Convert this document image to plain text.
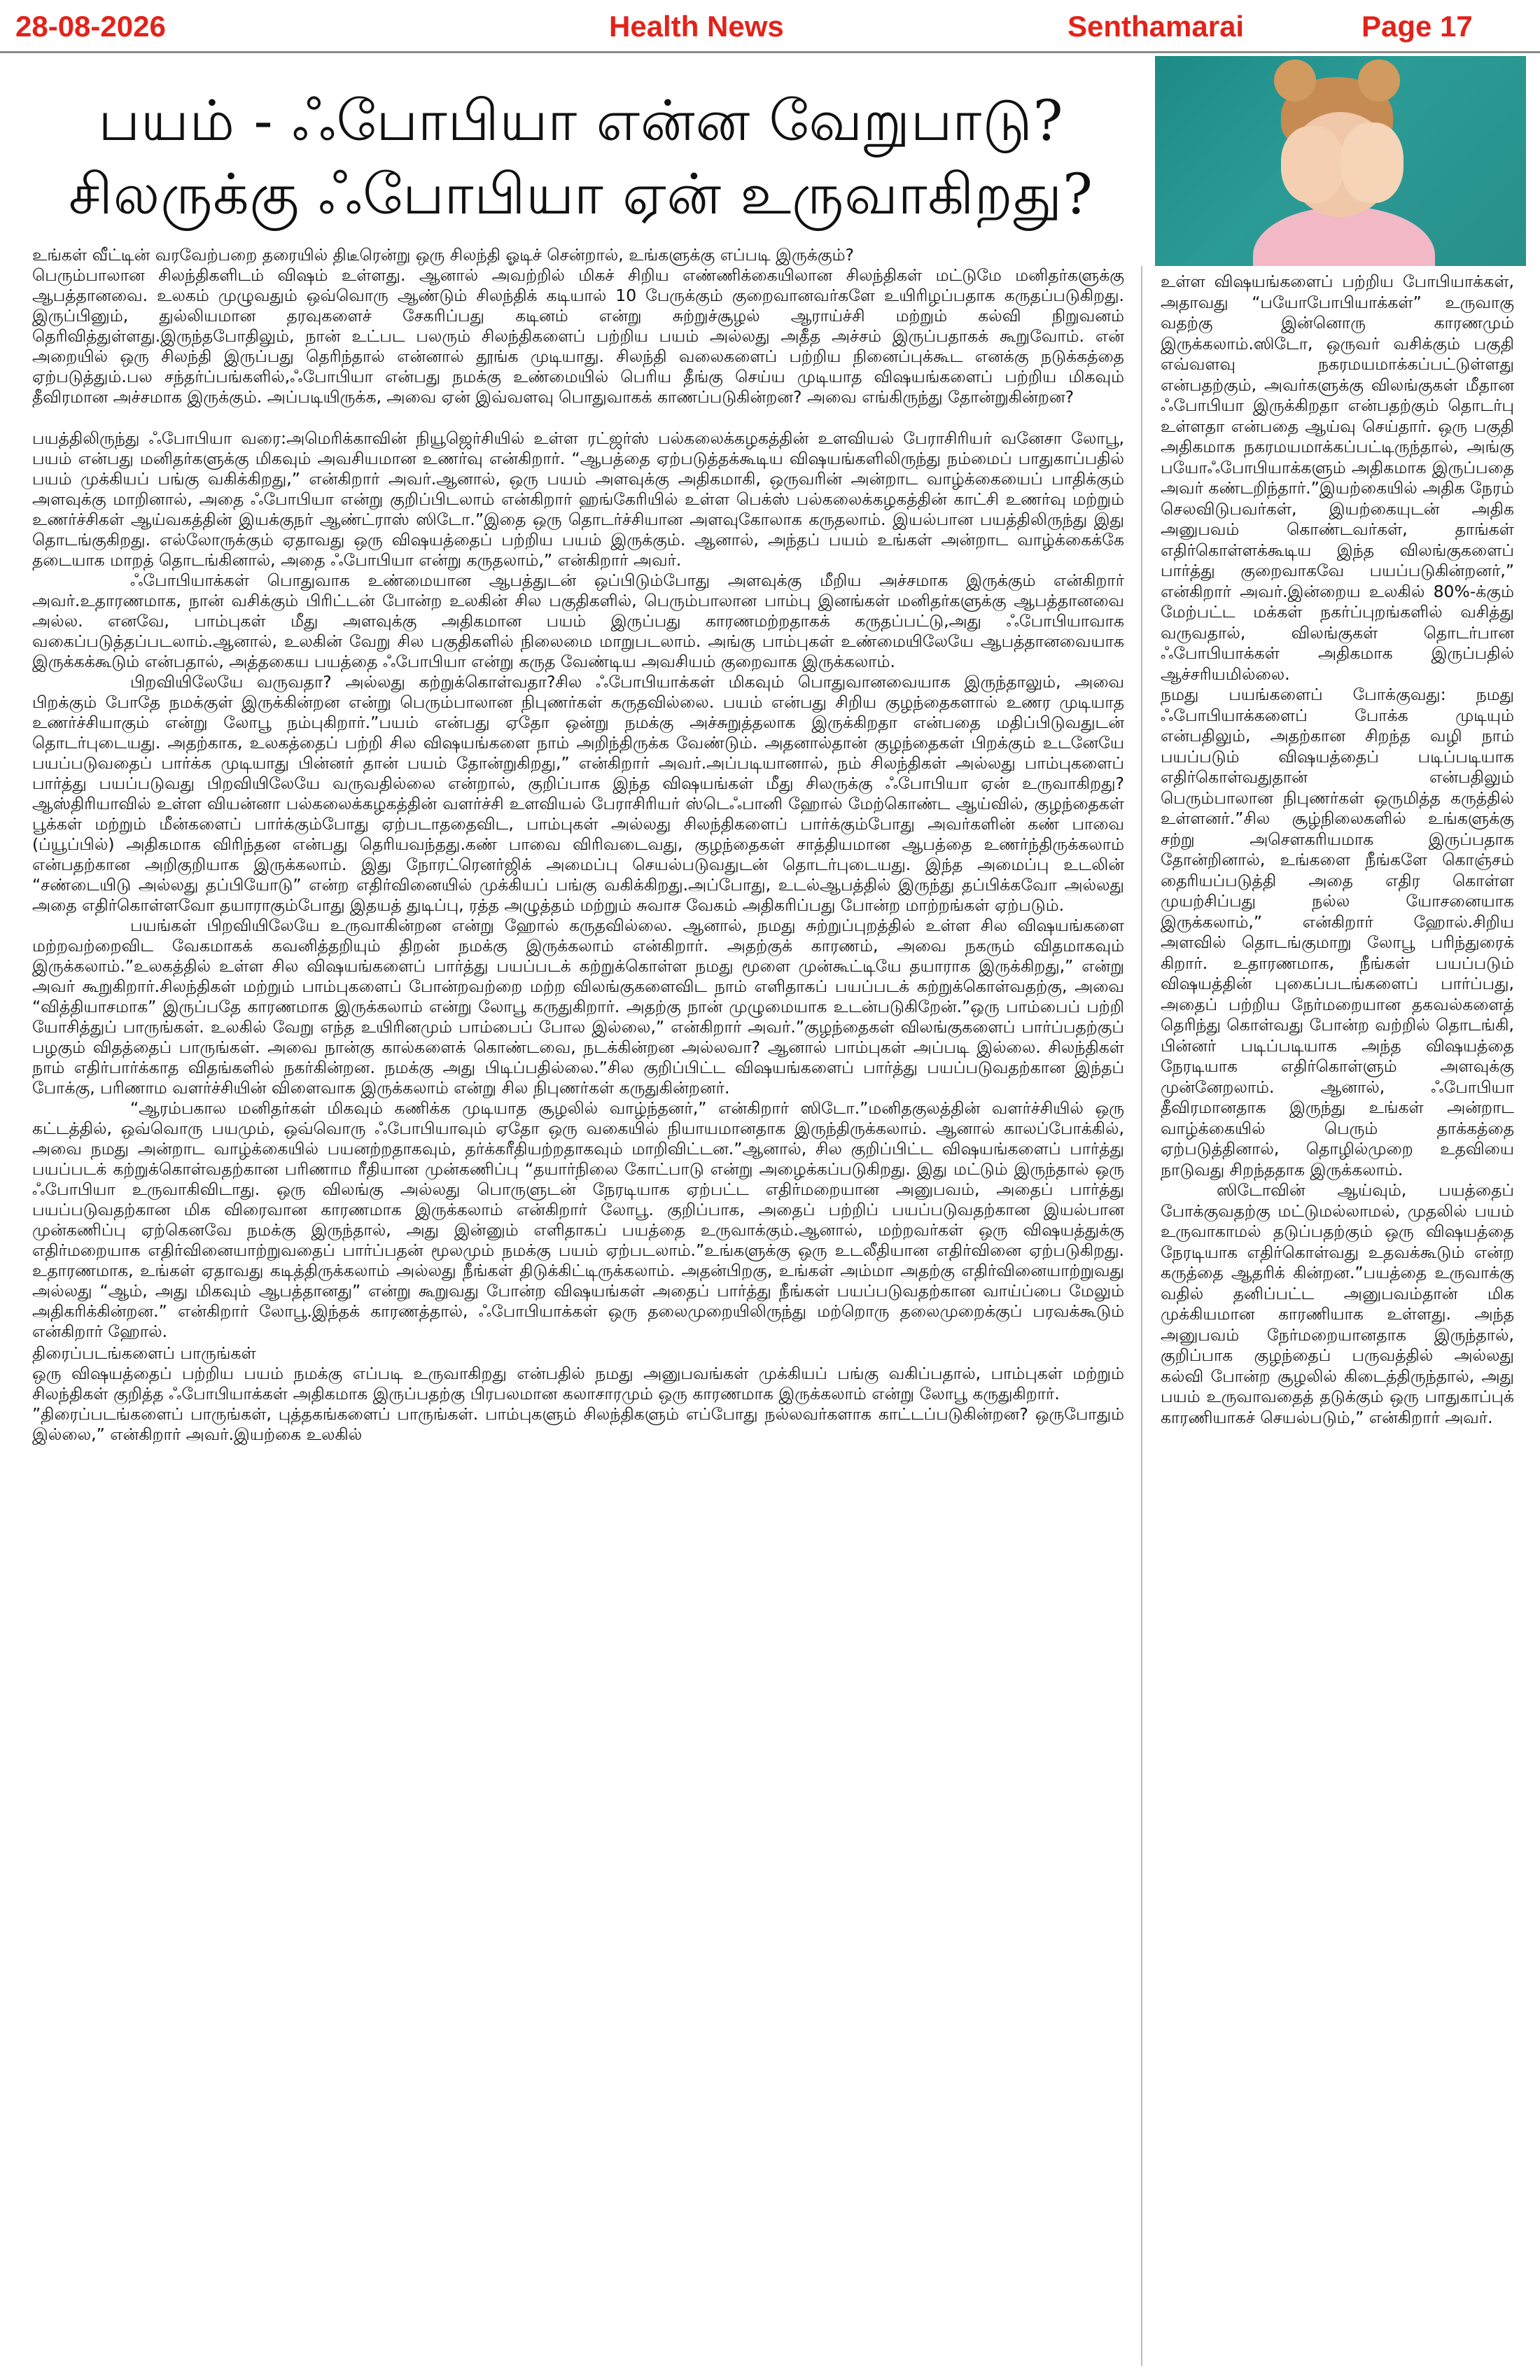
28-08-2026	Health News	Senthamarai	Page 17
பயம் - ஃபோபியா என்ன வேறுபாடு?
சிலருக்கு ஃபோபியா ஏன் உருவாகிறது?

உங்கள் வீட்டின் வரவேற்பறை தரையில் திடீரென்று ஒரு சிலந்தி ஓடிச் சென்றால், உங்களுக்கு எப்படி இருக்கும்?

பெரும்பாலான சிலந்திகளிடம் விஷம் உள்ளது. ஆனால் அவற்றில் மிகச் சிறிய எண்ணிக்கையிலான சிலந்திகள் மட்டுமே மனிதர்களுக்கு ஆபத்தானவை. உலகம் முழுவதும் ஒவ்வொரு ஆண்டும் சிலந்திக் கடியால் 10 பேருக்கும் குறைவானவர்களே உயிரிழப்பதாக கருதப்படுகிறது. இருப்பினும், துல்லியமான தரவுகளைச் சேகரிப்பது கடினம் என்று சுற்றுச்சூழல் ஆராய்ச்சி மற்றும் கல்வி நிறுவனம் தெரிவித்துள்ளது.இருந்தபோதிலும், நான் உட்பட பலரும் சிலந்திகளைப் பற்றிய பயம் அல்லது அதீத அச்சம் இருப்பதாகக் கூறுவோம். என் அறையில் ஒரு சிலந்தி இருப்பது தெரிந்தால் என்னால் தூங்க முடியாது. சிலந்தி வலைகளைப் பற்றிய நினைப்புக்கூட எனக்கு நடுக்கத்தை ஏற்படுத்தும்.பல சந்தர்ப்பங்களில்,ஃபோபியா என்பது நமக்கு உண்மையில் பெரிய தீங்கு செய்ய முடியாத விஷயங்களைப் பற்றிய மிகவும் தீவிரமான அச்சமாக இருக்கும். அப்படியிருக்க, அவை ஏன் இவ்வளவு பொதுவாகக் காணப்படுகின்றன? அவை எங்கிருந்து தோன்றுகின்றன?

பயத்திலிருந்து ஃபோபியா வரை:அமெரிக்காவின் நியூஜெர்சியில் உள்ள ரட்ஜர்ஸ் பல்கலைக்கழகத்தின் உளவியல் பேராசிரியர் வனேசா லோபூ, பயம் என்பது மனிதர்களுக்கு மிகவும் அவசியமான உணர்வு என்கிறார். “ஆபத்தை ஏற்படுத்தக்கூடிய விஷயங்களிலிருந்து நம்மைப் பாதுகாப்பதில் பயம் முக்கியப் பங்கு வகிக்கிறது,” என்கிறார் அவர்.ஆனால், ஒரு பயம் அளவுக்கு அதிகமாகி, ஒருவரின் அன்றாட வாழ்க்கையைப் பாதிக்கும் அளவுக்கு மாறினால், அதை ஃபோபியா என்று குறிப்பிடலாம் என்கிறார் ஹங்கேரியில் உள்ள பெக்ஸ் பல்கலைக்கழகத்தின் காட்சி உணர்வு மற்றும் உணர்ச்சிகள் ஆய்வகத்தின் இயக்குநர் ஆண்ட்ராஸ் ஸிடோ.”இதை ஒரு தொடர்ச்சியான அளவுகோலாக கருதலாம். இயல்பான பயத்திலிருந்து இது தொடங்குகிறது. எல்லோருக்கும் ஏதாவது ஒரு விஷயத்தைப் பற்றிய பயம் இருக்கும். ஆனால், அந்தப் பயம் உங்கள் அன்றாட வாழ்க்கைக்கே தடையாக மாறத் தொடங்கினால், அதை ஃபோபியா என்று கருதலாம்,” என்கிறார் அவர்.

ஃபோபியாக்கள் பொதுவாக உண்மையான ஆபத்துடன் ஒப்பிடும்போது அளவுக்கு மீறிய அச்சமாக இருக்கும் என்கிறார் அவர்.உதாரணமாக, நான் வசிக்கும் பிரிட்டன் போன்ற உலகின் சில பகுதிகளில், பெரும்பாலான பாம்பு இனங்கள் மனிதர்களுக்கு ஆபத்தானவை அல்ல. எனவே, பாம்புகள் மீது அளவுக்கு அதிகமான பயம் இருப்பது காரணமற்றதாகக் கருதப்பட்டு,அது ஃபோபியாவாக வகைப்படுத்தப்படலாம்.ஆனால், உலகின் வேறு சில பகுதிகளில் நிலைமை மாறுபடலாம். அங்கு பாம்புகள் உண்மையிலேயே ஆபத்தானவையாக இருக்கக்கூடும் என்பதால், அத்தகைய பயத்தை ஃபோபியா என்று கருத வேண்டிய அவசியம் குறைவாக இருக்கலாம்.

பிறவியிலேயே வருவதா? அல்லது கற்றுக்கொள்வதா?சில ஃபோபியாக்கள் மிகவும் பொதுவானவையாக இருந்தாலும், அவை பிறக்கும் போதே நமக்குள் இருக்கின்றன என்று பெரும்பாலான நிபுணர்கள் கருதவில்லை. பயம் என்பது சிறிய குழந்தைகளால் உணர முடியாத உணர்ச்சியாகும் என்று லோபூ நம்புகிறார்.”பயம் என்பது ஏதோ ஒன்று நமக்கு அச்சுறுத்தலாக இருக்கிறதா என்பதை மதிப்பிடுவதுடன் தொடர்புடையது. அதற்காக, உலகத்தைப் பற்றி சில விஷயங்களை நாம் அறிந்திருக்க வேண்டும். அதனால்தான் குழந்தைகள் பிறக்கும் உடனேயே பயப்படுவதைப் பார்க்க முடியாது பின்னர் தான் பயம் தோன்றுகிறது,” என்கிறார் அவர்.அப்படியானால், நம் சிலந்திகள் அல்லது பாம்புகளைப் பார்த்து பயப்படுவது பிறவியிலேயே வருவதில்லை என்றால், குறிப்பாக இந்த விஷயங்கள் மீது சிலருக்கு ஃபோபியா ஏன் உருவாகிறது?ஆஸ்திரியாவில் உள்ள வியன்னா பல்கலைக்கழகத்தின் வளர்ச்சி உளவியல் பேராசிரியர் ஸ்டெஃபானி ஹோல் மேற்கொண்ட ஆய்வில், குழந்தைகள் பூக்கள் மற்றும் மீன்களைப் பார்க்கும்போது ஏற்படாததைவிட, பாம்புகள் அல்லது சிலந்திகளைப் பார்க்கும்போது அவர்களின் கண் பாவை (ப்யூப்பில்) அதிகமாக விரிந்தன என்பது தெரியவந்தது.கண் பாவை விரிவடைவது, குழந்தைகள் சாத்தியமான ஆபத்தை உணர்ந்திருக்கலாம் என்பதற்கான அறிகுறியாக இருக்கலாம். இது நோரட்ரெனர்ஜிக் அமைப்பு செயல்படுவதுடன் தொடர்புடையது. இந்த அமைப்பு உடலின் “சண்டையிடு அல்லது தப்பியோடு” என்ற எதிர்வினையில் முக்கியப் பங்கு வகிக்கிறது.அப்போது, உடல்ஆபத்தில் இருந்து தப்பிக்கவோ அல்லது அதை எதிர்கொள்ளவோ தயாராகும்போது இதயத் துடிப்பு, ரத்த அழுத்தம் மற்றும் சுவாச வேகம் அதிகரிப்பது போன்ற மாற்றங்கள் ஏற்படும்.

பயங்கள் பிறவியிலேயே உருவாகின்றன என்று ஹோல் கருதவில்லை. ஆனால், நமது சுற்றுப்புறத்தில் உள்ள சில விஷயங்களை மற்றவற்றைவிட வேகமாகக் கவனித்தறியும் திறன் நமக்கு இருக்கலாம் என்கிறார். அதற்குக் காரணம், அவை நகரும் விதமாகவும் இருக்கலாம்.”உலகத்தில் உள்ள சில விஷயங்களைப் பார்த்து பயப்படக் கற்றுக்கொள்ள நமது மூளை முன்கூட்டியே தயாராக இருக்கிறது,” என்று அவர் கூறுகிறார்.சிலந்திகள் மற்றும் பாம்புகளைப் போன்றவற்றை மற்ற விலங்குகளைவிட நாம் எளிதாகப் பயப்படக் கற்றுக்கொள்வதற்கு, அவை “வித்தியாசமாக” இருப்பதே காரணமாக இருக்கலாம் என்று லோபூ கருதுகிறார். அதற்கு நான் முழுமையாக உடன்படுகிறேன்.”ஒரு பாம்பைப் பற்றி யோசித்துப் பாருங்கள். உலகில் வேறு எந்த உயிரினமும் பாம்பைப் போல இல்லை,” என்கிறார் அவர்.”குழந்தைகள் விலங்குகளைப் பார்ப்பதற்குப் பழகும் விதத்தைப் பாருங்கள். அவை நான்கு கால்களைக் கொண்டவை, நடக்கின்றன அல்லவா? ஆனால் பாம்புகள் அப்படி இல்லை. சிலந்திகள் நாம் எதிர்பார்க்காத விதங்களில் நகர்கின்றன. நமக்கு அது பிடிப்பதில்லை.”சில குறிப்பிட்ட விஷயங்களைப் பார்த்து பயப்படுவதற்கான இந்தப் போக்கு, பரிணாம வளர்ச்சியின் விளைவாக இருக்கலாம் என்று சில நிபுணர்கள் கருதுகின்றனர்.

“ஆரம்பகால மனிதர்கள் மிகவும் கணிக்க முடியாத சூழலில் வாழ்ந்தனர்,” என்கிறார் ஸிடோ.”மனிதகுலத்தின் வளர்ச்சியில் ஒரு கட்டத்தில், ஒவ்வொரு பயமும், ஒவ்வொரு ஃபோபியாவும் ஏதோ ஒரு வகையில் நியாயமானதாக இருந்திருக்கலாம். ஆனால் காலப்போக்கில், அவை நமது அன்றாட வாழ்க்கையில் பயனற்றதாகவும், தர்க்கரீதியற்றதாகவும் மாறிவிட்டன.”ஆனால், சில குறிப்பிட்ட விஷயங்களைப் பார்த்து பயப்படக் கற்றுக்கொள்வதற்கான பரிணாம ரீதியான முன்கணிப்பு “தயார்நிலை கோட்பாடு என்று அழைக்கப்படுகிறது. இது மட்டும் இருந்தால் ஒரு ஃபோபியா உருவாகிவிடாது. ஒரு விலங்கு அல்லது பொருளுடன் நேரடியாக ஏற்பட்ட எதிர்மறையான அனுபவம், அதைப் பார்த்து பயப்படுவதற்கான மிக விரைவான காரணமாக இருக்கலாம் என்கிறார் லோபூ. குறிப்பாக, அதைப் பற்றிப் பயப்படுவதற்கான இயல்பான முன்கணிப்பு ஏற்கெனவே நமக்கு இருந்தால், அது இன்னும் எளிதாகப் பயத்தை உருவாக்கும்.ஆனால், மற்றவர்கள் ஒரு விஷயத்துக்கு எதிர்மறையாக எதிர்வினையாற்றுவதைப் பார்ப்பதன் மூலமும் நமக்கு பயம் ஏற்படலாம்.”உங்களுக்கு ஒரு உடலீதியான எதிர்வினை ஏற்படுகிறது. உதாரணமாக, உங்கள் ஏதாவது கடித்திருக்கலாம் அல்லது நீங்கள் திடுக்கிட்டிருக்கலாம். அதன்பிறகு, உங்கள் அம்மா அதற்கு எதிர்வினையாற்றுவது அல்லது “ஆம், அது மிகவும் ஆபத்தானது” என்று கூறுவது போன்ற விஷயங்கள் அதைப் பார்த்து நீங்கள் பயப்படுவதற்கான வாய்ப்பை மேலும் அதிகரிக்கின்றன.” என்கிறார் லோபூ.இந்தக் காரணத்தால், ஃபோபியாக்கள் ஒரு தலைமுறையிலிருந்து மற்றொரு தலைமுறைக்குப் பரவக்கூடும் என்கிறார் ஹோல்.

திரைப்படங்களைப் பாருங்கள்

ஒரு விஷயத்தைப் பற்றிய பயம் நமக்கு எப்படி உருவாகிறது என்பதில் நமது அனுபவங்கள் முக்கியப் பங்கு வகிப்பதால், பாம்புகள் மற்றும் சிலந்திகள் குறித்த ஃபோபியாக்கள் அதிகமாக இருப்பதற்கு பிரபலமான கலாசாரமும் ஒரு காரணமாக இருக்கலாம் என்று லோபூ கருதுகிறார்.

”திரைப்படங்களைப் பாருங்கள், புத்தகங்களைப் பாருங்கள். பாம்புகளும் சிலந்திகளும் எப்போது நல்லவர்களாக காட்டப்படுகின்றன? ஒருபோதும் இல்லை,” என்கிறார் அவர்.இயற்கை உலகில்

உள்ள விஷயங்களைப் பற்றிய போபியாக்கள், அதாவது “பயோபோபியாக்கள்” உருவாகு வதற்கு இன்னொரு காரணமும் இருக்கலாம்.ஸிடோ, ஒருவர் வசிக்கும் பகுதி எவ்வளவு நகரமயமாக்கப்பட்டுள்ளது என்பதற்கும், அவர்களுக்கு விலங்குகள் மீதான ஃபோபியா இருக்கிறதா என்பதற்கும் தொடர்பு உள்ளதா என்பதை ஆய்வு செய்தார். ஒரு பகுதி அதிகமாக நகரமயமாக்கப்பட்டிருந்தால், அங்கு பயோஃபோபியாக்களும் அதிகமாக இருப்பதை அவர் கண்டறிந்தார்.”இயற்கையில் அதிக நேரம் செலவிடுபவர்கள், இயற்கையுடன் அதிக அனுபவம் கொண்டவர்கள், தாங்கள் எதிர்கொள்ளக்கூடிய இந்த விலங்குகளைப் பார்த்து குறைவாகவே பயப்படுகின்றனர்,” என்கிறார் அவர்.இன்றைய உலகில் 80%-க்கும் மேற்பட்ட மக்கள் நகர்ப்புறங்களில் வசித்து வருவதால், விலங்குகள் தொடர்பான ஃபோபியாக்கள் அதிகமாக இருப்பதில் ஆச்சரியமில்லை.

நமது பயங்களைப் போக்குவது: நமது ஃபோபியாக்களைப் போக்க முடியும் என்பதிலும், அதற்கான சிறந்த வழி நாம் பயப்படும் விஷயத்தைப் படிப்படியாக எதிர்கொள்வதுதான் என்பதிலும் பெரும்பாலான நிபுணர்கள் ஒருமித்த கருத்தில் உள்ளனர்.”சில சூழ்நிலைகளில் உங்களுக்கு சற்று அசௌகரியமாக இருப்பதாக தோன்றினால், உங்களை நீங்களே கொஞ்சம் தைரியப்படுத்தி அதை எதிர கொள்ள முயற்சிப்பது நல்ல யோசனையாக இருக்கலாம்,” என்கிறார் ஹோல்.சிறிய அளவில் தொடங்குமாறு லோபூ பரிந்துரைக் கிறார். உதாரணமாக, நீங்கள் பயப்படும் விஷயத்தின் புகைப்படங்களைப் பார்ப்பது, அதைப் பற்றிய நேர்மறையான தகவல்களைத் தெரிந்து கொள்வது போன்ற வற்றில் தொடங்கி, பின்னர் படிப்படியாக அந்த விஷயத்தை நேரடியாக எதிர்கொள்ளும் அளவுக்கு முன்னேறலாம். ஆனால், ஃபோபியா தீவிரமானதாக இருந்து உங்கள் அன்றாட வாழ்க்கையில் பெரும் தாக்கத்தை ஏற்படுத்தினால், தொழில்முறை உதவியை நாடுவது சிறந்ததாக இருக்கலாம்.

ஸிடோவின் ஆய்வும், பயத்தைப் போக்குவதற்கு மட்டுமல்லாமல், முதலில் பயம் உருவாகாமல் தடுப்பதற்கும் ஒரு விஷயத்தை நேரடியாக எதிர்கொள்வது உதவக்கூடும் என்ற கருத்தை ஆதரிக் கின்றன.”பயத்தை உருவாக்கு வதில் தனிப்பட்ட அனுபவம்தான் மிக முக்கியமான காரணியாக உள்ளது. அந்த அனுபவம் நேர்மறையானதாக இருந்தால், குறிப்பாக குழந்தைப் பருவத்தில் அல்லது கல்வி போன்ற சூழலில் கிடைத்திருந்தால், அது பயம் உருவாவதைத் தடுக்கும் ஒரு பாதுகாப்புக் காரணியாகச் செயல்படும்,” என்கிறார் அவர்.
